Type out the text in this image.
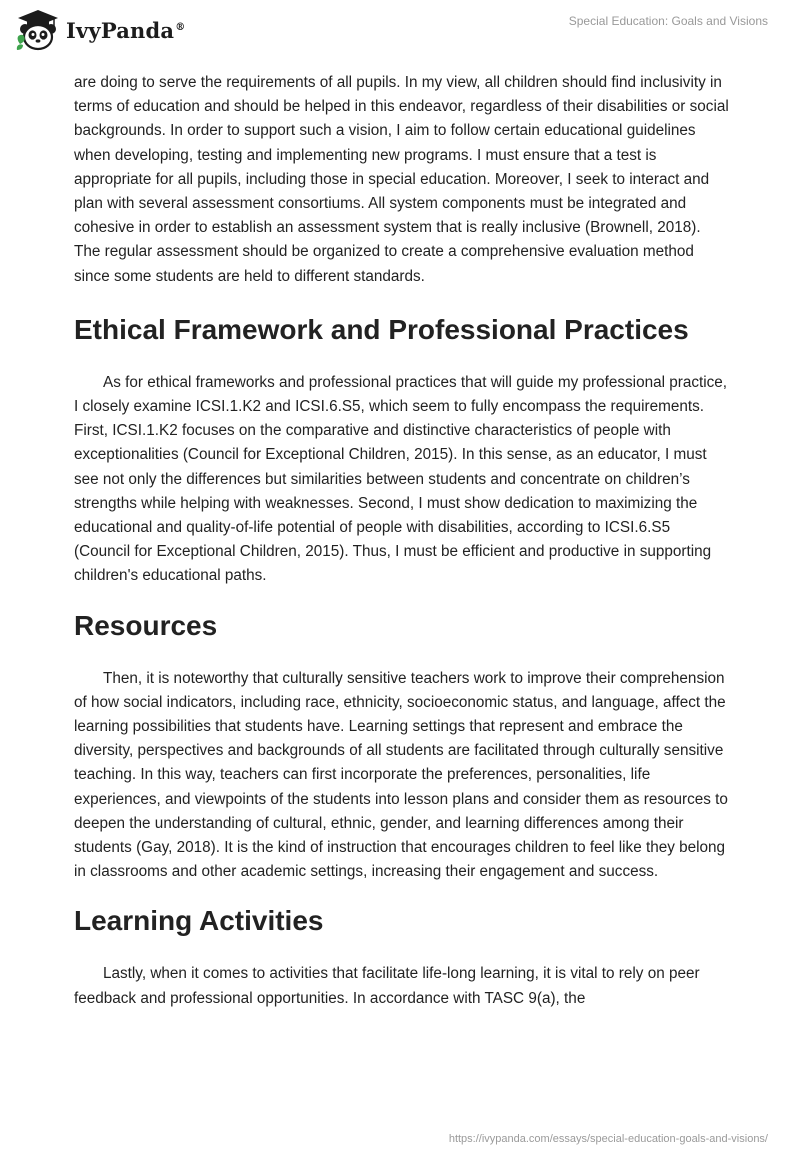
IvyPanda®	Special Education: Goals and Visions

are doing to serve the requirements of all pupils. In my view, all children should find inclusivity in terms of education and should be helped in this endeavor, regardless of their disabilities or social backgrounds. In order to support such a vision, I aim to follow certain educational guidelines when developing, testing and implementing new programs. I must ensure that a test is appropriate for all pupils, including those in special education. Moreover, I seek to interact and plan with several assessment consortiums. All system components must be integrated and cohesive in order to establish an assessment system that is really inclusive (Brownell, 2018). The regular assessment should be organized to create a comprehensive evaluation method since some students are held to different standards.

Ethical Framework and Professional Practices

As for ethical frameworks and professional practices that will guide my professional practice, I closely examine ICSI.1.K2 and ICSI.6.S5, which seem to fully encompass the requirements. First, ICSI.1.K2 focuses on the comparative and distinctive characteristics of people with exceptionalities (Council for Exceptional Children, 2015). In this sense, as an educator, I must see not only the differences but similarities between students and concentrate on children’s strengths while helping with weaknesses. Second, I must show dedication to maximizing the educational and quality-of-life potential of people with disabilities, according to ICSI.6.S5 (Council for Exceptional Children, 2015). Thus, I must be efficient and productive in supporting children's educational paths.

Resources

Then, it is noteworthy that culturally sensitive teachers work to improve their comprehension of how social indicators, including race, ethnicity, socioeconomic status, and language, affect the learning possibilities that students have. Learning settings that represent and embrace the diversity, perspectives and backgrounds of all students are facilitated through culturally sensitive teaching. In this way, teachers can first incorporate the preferences, personalities, life experiences, and viewpoints of the students into lesson plans and consider them as resources to deepen the understanding of cultural, ethnic, gender, and learning differences among their students (Gay, 2018). It is the kind of instruction that encourages children to feel like they belong in classrooms and other academic settings, increasing their engagement and success.

Learning Activities

Lastly, when it comes to activities that facilitate life-long learning, it is vital to rely on peer feedback and professional opportunities. In accordance with TASC 9(a), the

https://ivypanda.com/essays/special-education-goals-and-visions/
